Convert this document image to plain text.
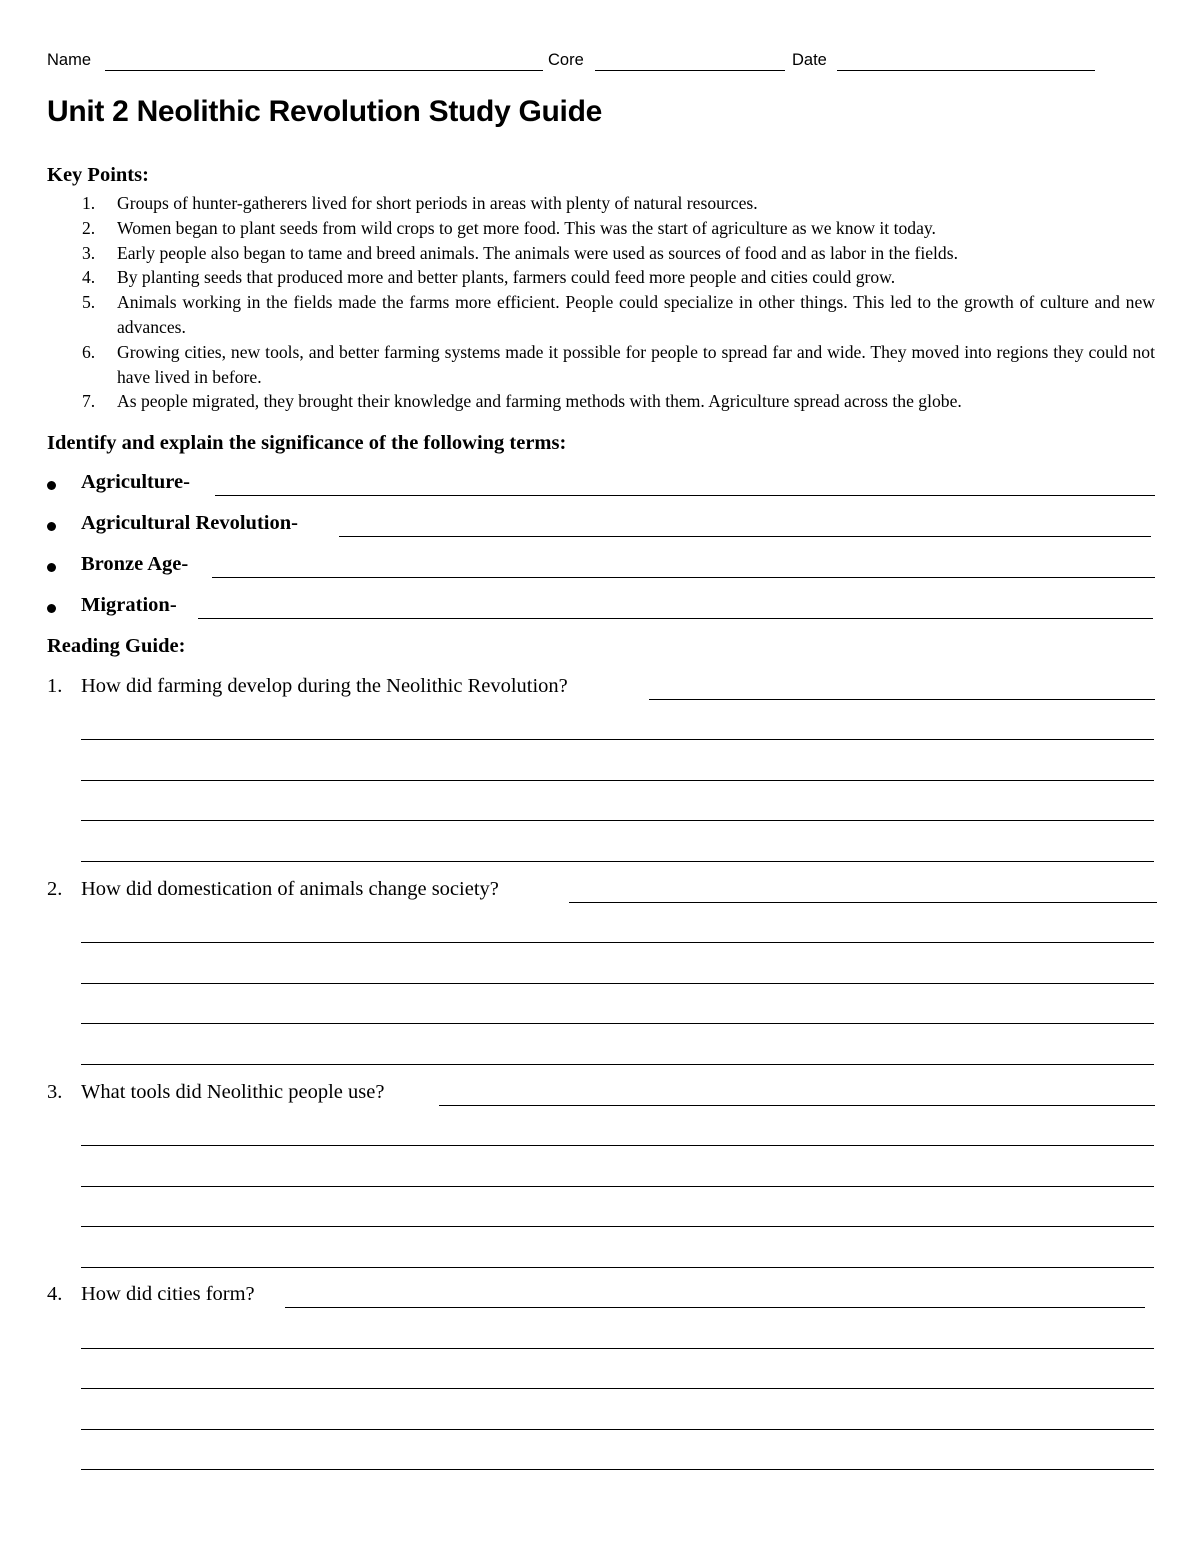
Name	Core	Date
Unit 2 Neolithic Revolution Study Guide
Key Points:
1. Groups of hunter-gatherers lived for short periods in areas with plenty of natural resources.
2. Women began to plant seeds from wild crops to get more food. This was the start of agriculture as we know it today.
3. Early people also began to tame and breed animals. The animals were used as sources of food and as labor in the fields.
4. By planting seeds that produced more and better plants, farmers could feed more people and cities could grow.
5. Animals working in the fields made the farms more efficient. People could specialize in other things. This led to the growth of culture and new advances.
6. Growing cities, new tools, and better farming systems made it possible for people to spread far and wide. They moved into regions they could not have lived in before.
7. As people migrated, they brought their knowledge and farming methods with them. Agriculture spread across the globe.
Identify and explain the significance of the following terms:
Agriculture-
Agricultural Revolution-
Bronze Age-
Migration-
Reading Guide:
1. How did farming develop during the Neolithic Revolution?
2. How did domestication of animals change society?
3. What tools did Neolithic people use?
4. How did cities form?
